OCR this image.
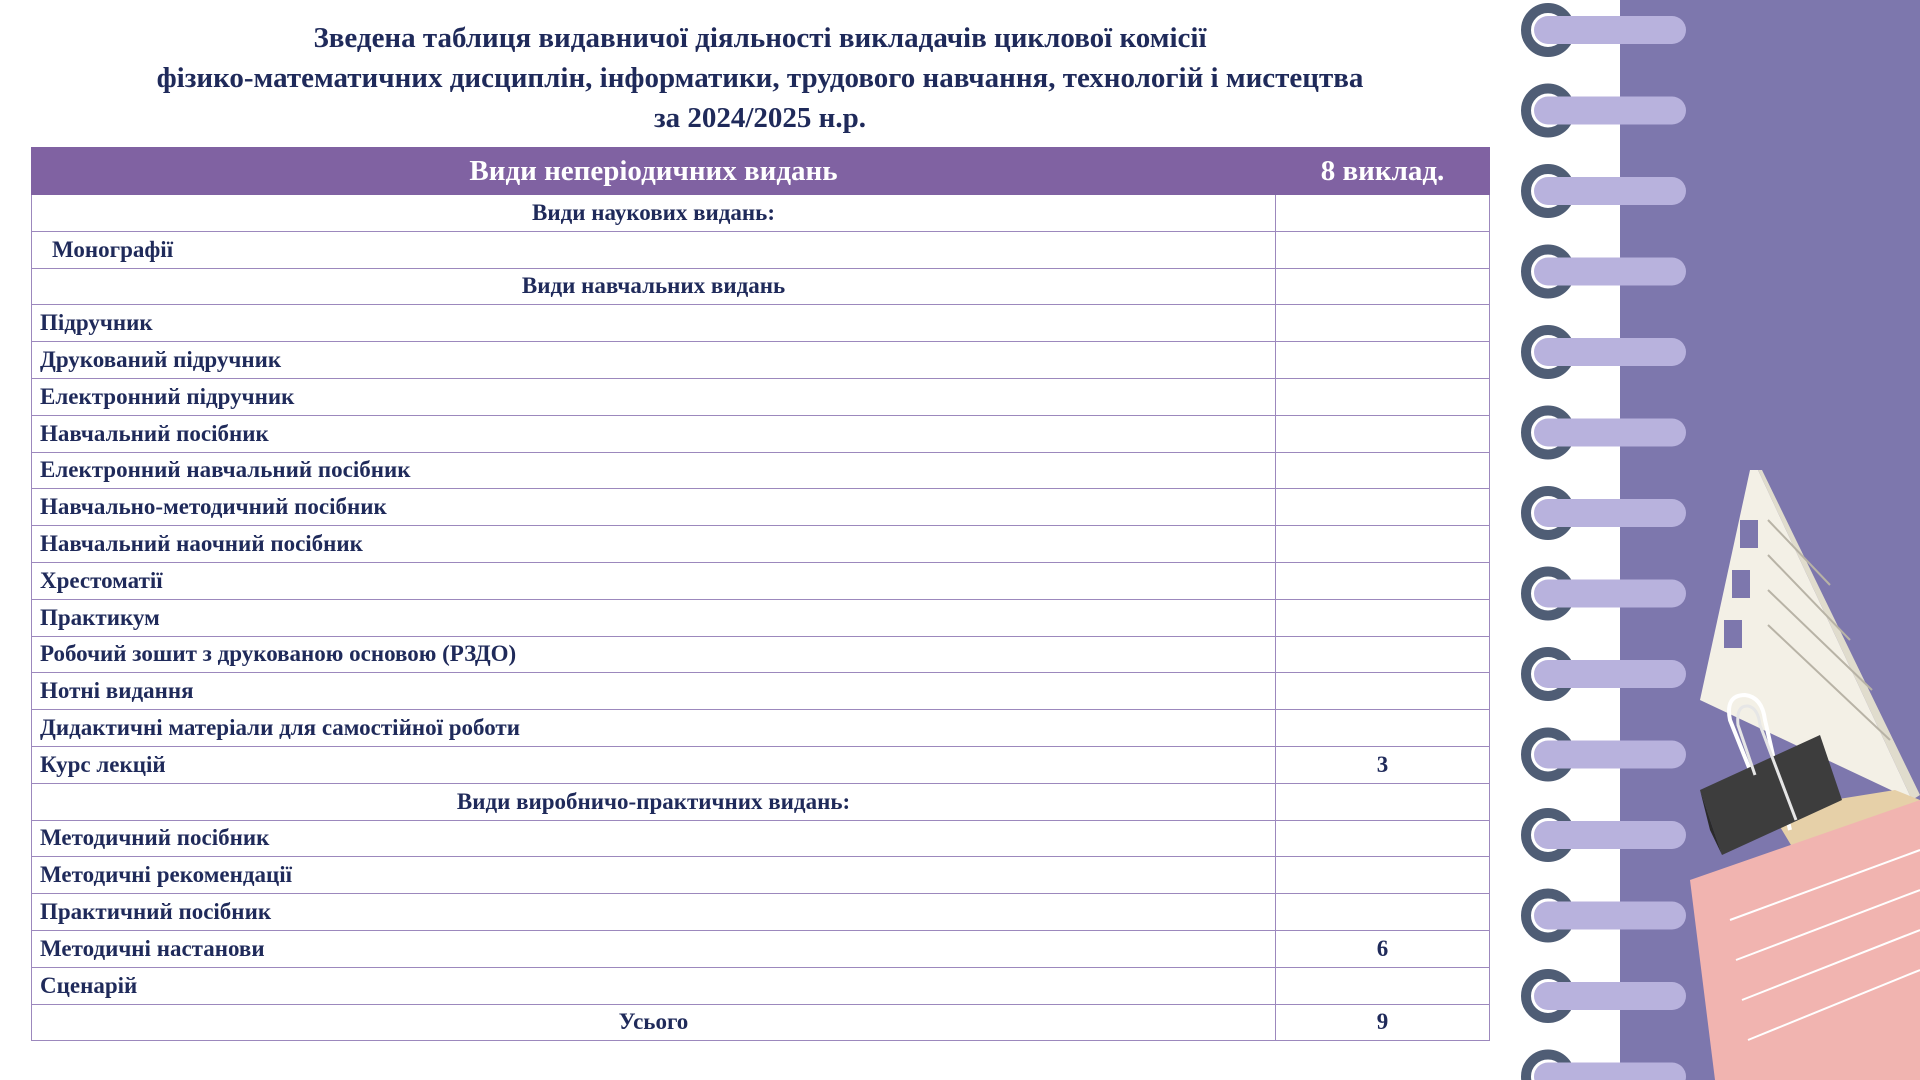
Зведена таблиця видавничої діяльності викладачів циклової комісії
фізико-математичних дисциплін, інформатики, трудового навчання, технологій і мистецтва
за 2024/2025 н.р.
Види неперіодичних видань	8 виклад.
Види наукових видань:	
Монографії	
Види навчальних видань	
Підручник	
Друкований підручник	
Електронний підручник	
Навчальний посібник	
Електронний навчальний посібник	
Навчально-методичний посібник	
Навчальний наочний посібник	
Хрестоматії	
Практикум	
Робочий зошит з друкованою основою (РЗДО)	
Нотні видання	
Дидактичні матеріали для самостійної роботи	
Курс лекцій	3
Види виробничо-практичних видань:	
Методичний посібник	
Методичні рекомендації	
Практичний посібник	
Методичні настанови	6
Сценарій	
Усього	9
